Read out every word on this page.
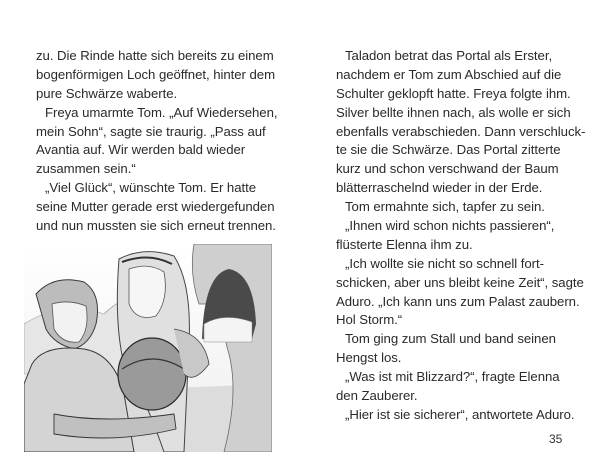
zu. Die Rinde hatte sich bereits zu einem
bogenförmigen Loch geöffnet, hinter dem
pure Schwärze waberte.
Freya umarmte Tom. „Auf Wiedersehen,
mein Sohn“, sagte sie traurig. „Pass auf
Avantia auf. Wir werden bald wieder
zusammen sein.“
„Viel Glück“, wünschte Tom. Er hatte
seine Mutter gerade erst wiedergefunden
und nun mussten sie sich erneut trennen.
Taladon betrat das Portal als Erster,
nachdem er Tom zum Abschied auf die
Schulter geklopft hatte. Freya folgte ihm.
Silver bellte ihnen nach, als wolle er sich
ebenfalls verabschieden. Dann verschluck-
te sie die Schwärze. Das Portal zitterte
kurz und schon verschwand der Baum
blätterraschelnd wieder in der Erde.
Tom ermahnte sich, tapfer zu sein.
„Ihnen wird schon nichts passieren“,
flüsterte Elenna ihm zu.
„Ich wollte sie nicht so schnell fort-
schicken, aber uns bleibt keine Zeit“, sagte
Aduro. „Ich kann uns zum Palast zaubern.
Hol Storm.“
Tom ging zum Stall und band seinen
Hengst los.
„Was ist mit Blizzard?“, fragte Elenna
den Zauberer.
„Hier ist sie sicherer“, antwortete Aduro.
35
